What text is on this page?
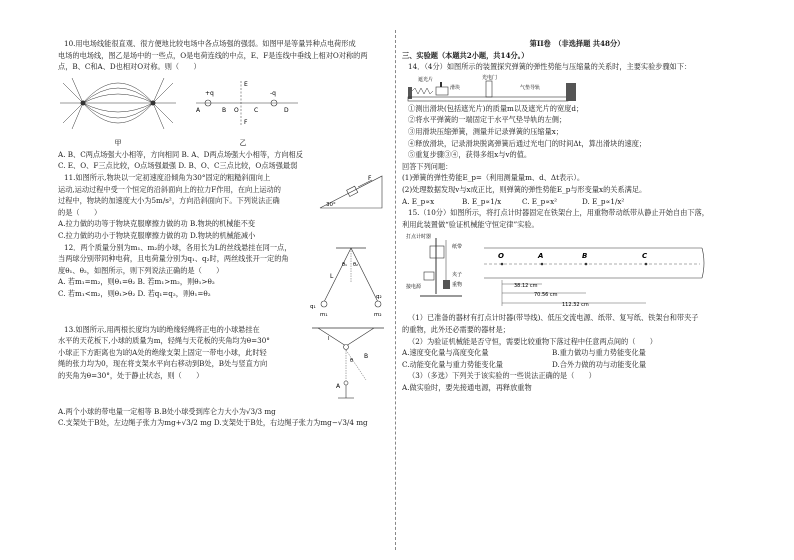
10.用电场线能很直观、很方便地比较电场中各点场强的强弱。如图甲是等量异种点电荷形成
电场的电场线，图乙是场中的一些点，O是电荷连线的中点，E、F是连线中垂线上相对O对称的两
点，B、C和A、D也相对O对称。则（　　）
甲
+q	-q
E
F
A	B O	C	D
乙
A. B、C两点场强大小相等，方向相同 B. A、D两点场强大小相等，方向相反
C. E、O、F三点比较，O点场强最强 D. B、O、C三点比较，O点场强最弱
11.如图所示,物块以一定初速度沿倾角为30°固定的粗糙斜面向上
运动,运动过程中受一个恒定的沿斜面向上的拉力F作用，在向上运动的
过程中，物块的加速度大小为5m/s²，方向沿斜面向下。下列说法正确
的是（　　）
F
30°
A.拉力做的功等于物块克服摩擦力做的功 B.物块的机械能不变
C.拉力做的功小于物块克服摩擦力做的功 D.物块的机械能减小
12．两个质量分别为m₁、m₂的小球，各用长为L的丝线悬挂在同一点，
当两球分别带同种电荷，且电荷量分别为q₁、q₂时，两丝线张开一定的角
度θ₁、θ₂，如图所示，则下列说法正确的是（　　）
A. 若m₁=m₂，则θ₁=θ₂ B. 若m₁>m₂，则θ₁>θ₂
C. 若m₁<m₂，则θ₁>θ₂ D. 若q₁=q₂，则θ₁=θ₂
L
θ₁ θ₂
q₁
m₁
q₂
m₂
13.如图所示,用两根长度均为l的绝缘轻绳将正电的小球悬挂在
水平的天花板下,小球的质量为m，轻绳与天花板的夹角均为θ=30°
小球正下方距离也为l的A处的绝缘支架上固定一带电小球，此时轻
绳的张力均为0，现在将支架水平向右移动到B处，B处与竖直方向
的夹角为θ=30°，处于静止状态，则（　　）
B
A
l
θ
A.两个小球的带电量一定相等 B.B处小球受到库仑力大小为√3/3 mg
C.支架处于B处，左边绳子张力为mg+√3/2 mg D.支架处于B处，右边绳子张力为mg−√3/4 mg
第II卷　（非选择题 共48分）
三、实验题（本题共2小题，共14分。）
14．（4分）如图所示的装置探究弹簧的弹性势能与压缩量的关系时，主要实验步骤如下：
遮光片	光电门
滑块	气垫导轨
①测出滑块(包括遮光片)的质量m以及遮光片的宽度d；
②将水平弹簧的一端固定于水平气垫导轨的左侧；
③用滑块压缩弹簧，测量并记录弹簧的压缩量x；
④释放滑块，记录滑块脱离弹簧后通过光电门的时间Δt，算出滑块的速度；
⑤重复步骤③④，获得多组x与v的值。
回答下列问题：
(1)弹簧的弹性势能E_p=（利用测量量m、d、Δt表示）。
(2)处理数据发现v与x成正比，则弹簧的弹性势能E_p与形变量x的关系满足。
A. E_p∝x	B. E_p∝1/x	C. E_p∝x²	D. E_p∝1/x²
15.（10分）如图所示，将打点计时器固定在铁架台上，用重物带动纸带从静止开始自由下落，
利用此装置做“验证机械能守恒定律”实验。
打点计时器
纸带
夹子
重物
接电源
O	A	B	C
38.12 cm
70.56 cm
112.32 cm
（1）已准备的器材有打点计时器(带导线)、低压交流电源、纸带、复写纸、铁架台和带夹子
的重物，此外还必需要的器材是；
（2）为验证机械能是否守恒，需要比较重物下落过程中任意两点间的（　　）
A.速度变化量与高度变化量	B.重力做功与重力势能变化量
C.动能变化量与重力势能变化量	D.合外力做的功与动能变化量
（3）（多选）下列关于该实验的一些说法正确的是（　　）
A.做实验时，要先接通电源，再释放重物
